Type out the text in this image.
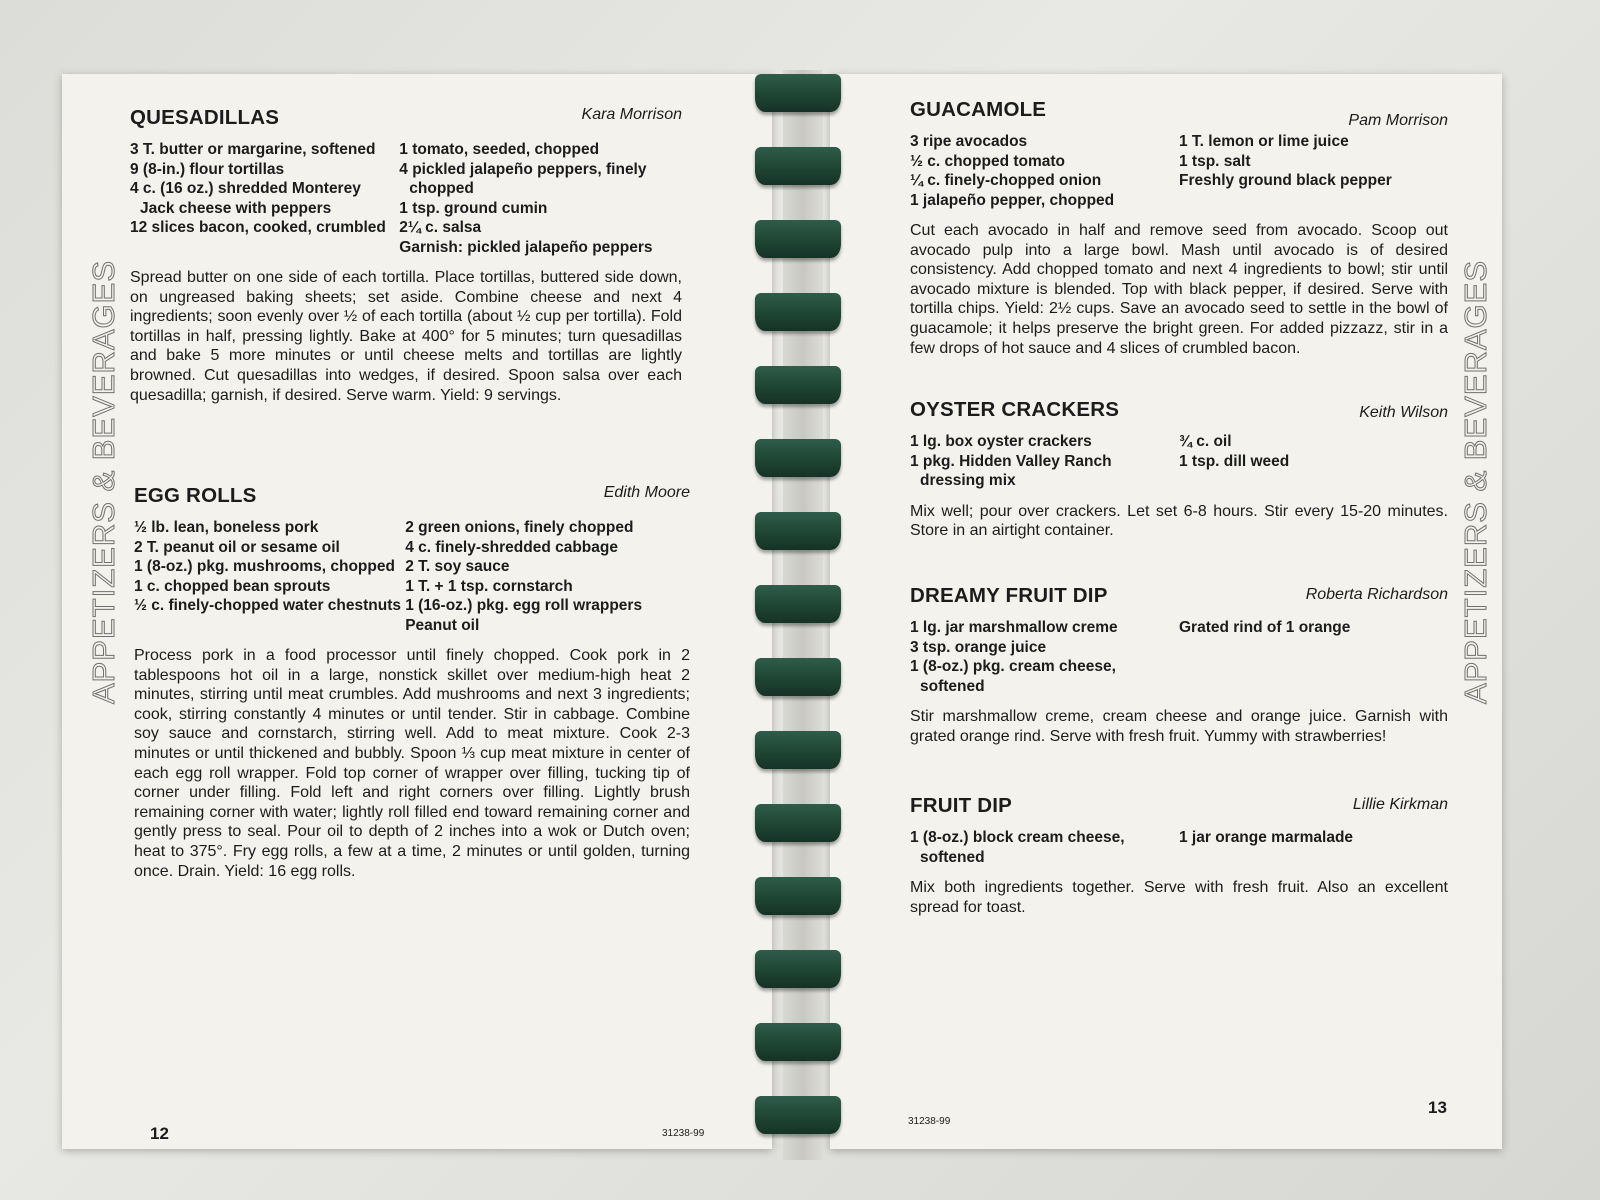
APPETIZERS & BEVERAGES
QUESADILLAS	Kara Morrison
3 T. butter or margarine, softened
9 (8-in.) flour tortillas
4 c. (16 oz.) shredded Monterey Jack cheese with peppers
12 slices bacon, cooked, crumbled
1 tomato, seeded, chopped
4 pickled jalapeño peppers, finely chopped
1 tsp. ground cumin
2¼ c. salsa
Garnish: pickled jalapeño peppers
Spread butter on one side of each tortilla. Place tortillas, buttered side down, on ungreased baking sheets; set aside. Combine cheese and next 4 ingredients; soon evenly over ½ of each tortilla (about ½ cup per tortilla). Fold tortillas in half, pressing lightly. Bake at 400° for 5 minutes; turn quesadillas and bake 5 more minutes or until cheese melts and tortillas are lightly browned. Cut quesadillas into wedges, if desired. Spoon salsa over each quesadilla; garnish, if desired. Serve warm. Yield: 9 servings.
EGG ROLLS	Edith Moore
½ lb. lean, boneless pork
2 T. peanut oil or sesame oil
1 (8-oz.) pkg. mushrooms, chopped
1 c. chopped bean sprouts
½ c. finely-chopped water chestnuts
2 green onions, finely chopped
4 c. finely-shredded cabbage
2 T. soy sauce
1 T. + 1 tsp. cornstarch
1 (16-oz.) pkg. egg roll wrappers
Peanut oil
Process pork in a food processor until finely chopped. Cook pork in 2 tablespoons hot oil in a large, nonstick skillet over medium-high heat 2 minutes, stirring until meat crumbles. Add mushrooms and next 3 ingredients; cook, stirring constantly 4 minutes or until tender. Stir in cabbage. Combine soy sauce and cornstarch, stirring well. Add to meat mixture. Cook 2-3 minutes or until thickened and bubbly. Spoon ⅓ cup meat mixture in center of each egg roll wrapper. Fold top corner of wrapper over filling, tucking tip of corner under filling. Fold left and right corners over filling. Lightly brush remaining corner with water; lightly roll filled end toward remaining corner and gently press to seal. Pour oil to depth of 2 inches into a wok or Dutch oven; heat to 375°. Fry egg rolls, a few at a time, 2 minutes or until golden, turning once. Drain. Yield: 16 egg rolls.
12	31238-99
GUACAMOLE	Pam Morrison
3 ripe avocados
½ c. chopped tomato
¼ c. finely-chopped onion
1 jalapeño pepper, chopped
1 T. lemon or lime juice
1 tsp. salt
Freshly ground black pepper
Cut each avocado in half and remove seed from avocado. Scoop out avocado pulp into a large bowl. Mash until avocado is of desired consistency. Add chopped tomato and next 4 ingredients to bowl; stir until avocado mixture is blended. Top with black pepper, if desired. Serve with tortilla chips. Yield: 2½ cups. Save an avocado seed to settle in the bowl of guacamole; it helps preserve the bright green. For added pizzazz, stir in a few drops of hot sauce and 4 slices of crumbled bacon.
OYSTER CRACKERS	Keith Wilson
1 lg. box oyster crackers
1 pkg. Hidden Valley Ranch dressing mix
¾ c. oil
1 tsp. dill weed
Mix well; pour over crackers. Let set 6-8 hours. Stir every 15-20 minutes. Store in an airtight container.
DREAMY FRUIT DIP	Roberta Richardson
1 lg. jar marshmallow creme
3 tsp. orange juice
1 (8-oz.) pkg. cream cheese, softened
Grated rind of 1 orange
Stir marshmallow creme, cream cheese and orange juice. Garnish with grated orange rind. Serve with fresh fruit. Yummy with strawberries!
FRUIT DIP	Lillie Kirkman
1 (8-oz.) block cream cheese, softened
1 jar orange marmalade
Mix both ingredients together. Serve with fresh fruit. Also an excellent spread for toast.
APPETIZERS & BEVERAGES
31238-99
13
